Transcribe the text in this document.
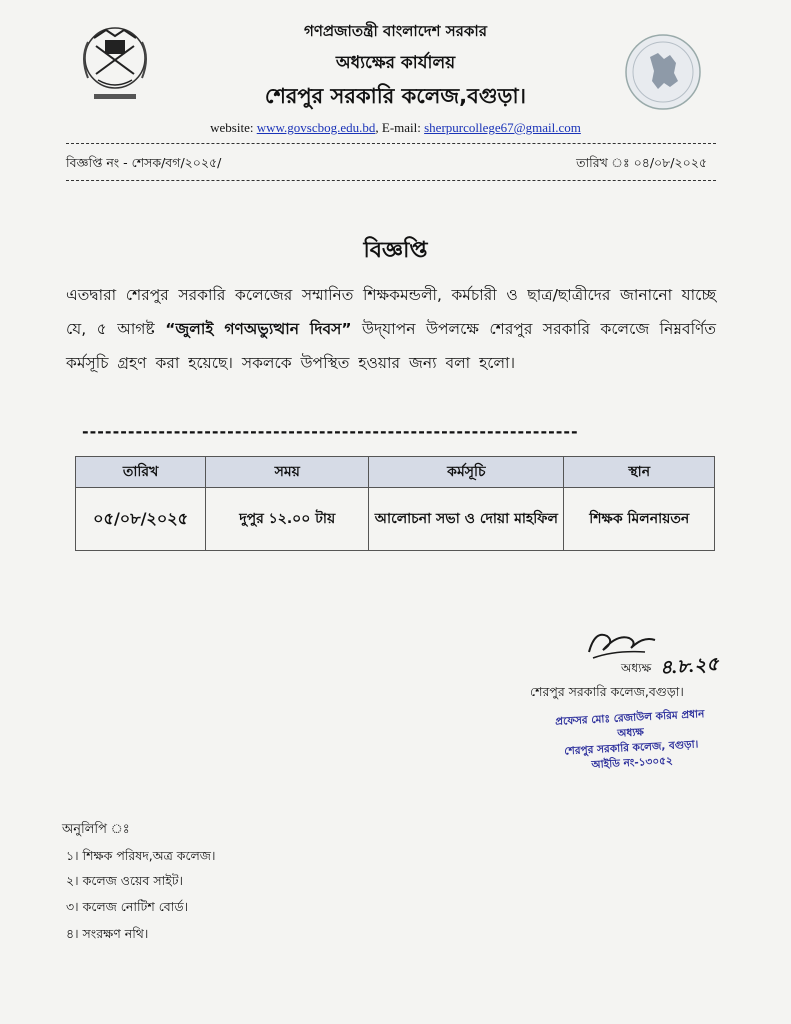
গণপ্রজাতন্ত্রী বাংলাদেশ সরকার
অধ্যক্ষের কার্যালয়
শেরপুর সরকারি কলেজ,বগুড়া।
website: www.govscbog.edu.bd, E-mail: sherpurcollege67@gmail.com
বিজ্ঞপ্তি নং - শেসক/বগ/২০২৫/	তারিখ ঃ ০৪/০৮/২০২৫
বিজ্ঞপ্তি
এতদ্বারা শেরপুর সরকারি কলেজের সম্মানিত শিক্ষকমন্ডলী, কর্মচারী ও ছাত্র/ছাত্রীদের জানানো যাচ্ছে যে, ৫ আগষ্ট “জুলাই গণঅভ্যুত্থান দিবস” উদ্‌যাপন উপলক্ষে শেরপুর সরকারি কলেজে নিম্নবর্ণিত কর্মসূচি গ্রহণ করা হয়েছে। সকলকে উপস্থিত হওয়ার জন্য বলা হলো।
-----------------------------------------------------------------
তারিখ	সময়	কর্মসূচি	স্থান
০৫/০৮/২০২৫	দুপুর ১২.০০ টায়	আলোচনা সভা ও দোয়া মাহফিল	শিক্ষক মিলনায়তন
অধ্যক্ষ ৪.৮.২৫
শেরপুর সরকারি কলেজ,বগুড়া।
প্রফেসর মোঃ রেজাউল করিম প্রধান
অধ্যক্ষ
শেরপুর সরকারি কলেজ, বগুড়া।
আইডি নং-১৩০৫২
অনুলিপি ঃ
১। শিক্ষক পরিষদ,অত্র কলেজ।
২। কলেজ ওয়েব সাইট।
৩। কলেজ নোটিশ বোর্ড।
৪। সংরক্ষণ নথি।
